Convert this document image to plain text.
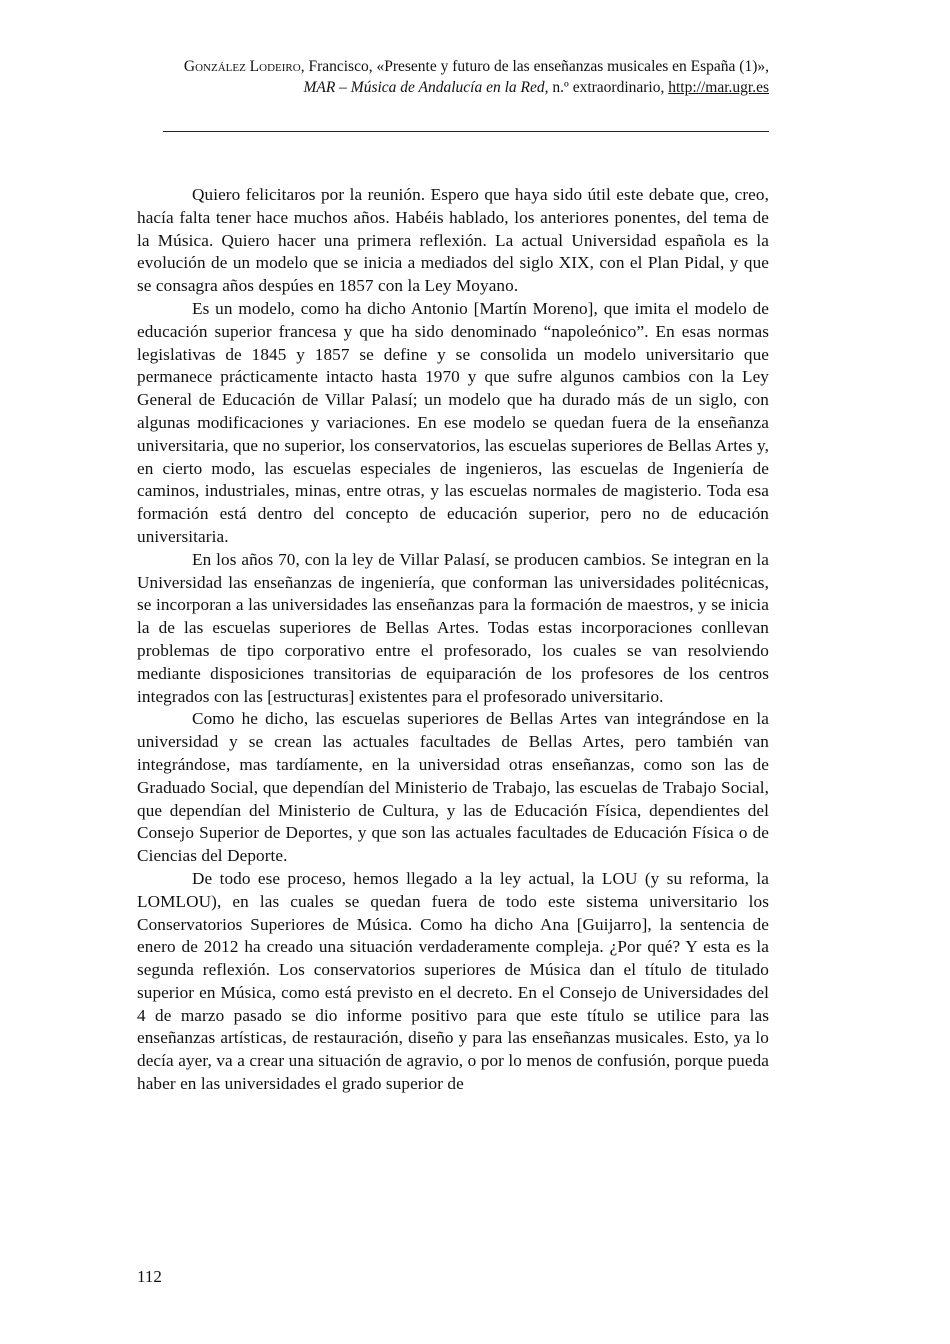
González Lodeiro, Francisco, «Presente y futuro de las enseñanzas musicales en España (1)»,
MAR – Música de Andalucía en la Red, n.º extraordinario, http://mar.ugr.es

Quiero felicitaros por la reunión. Espero que haya sido útil este debate que, creo, hacía falta tener hace muchos años. Habéis hablado, los anteriores ponentes, del tema de la Música. Quiero hacer una primera reflexión. La actual Universidad española es la evolución de un modelo que se inicia a mediados del siglo XIX, con el Plan Pidal, y que se consagra años despúes en 1857 con la Ley Moyano.

Es un modelo, como ha dicho Antonio [Martín Moreno], que imita el modelo de educación superior francesa y que ha sido denominado “napoleónico”. En esas normas legislativas de 1845 y 1857 se define y se consolida un modelo universitario que permanece prácticamente intacto hasta 1970 y que sufre algunos cambios con la Ley General de Educación de Villar Palasí; un modelo que ha durado más de un siglo, con algunas modificaciones y variaciones. En ese modelo se quedan fuera de la enseñanza universitaria, que no superior, los conservatorios, las escuelas superiores de Bellas Artes y, en cierto modo, las escuelas especiales de ingenieros, las escuelas de Ingeniería de caminos, industriales, minas, entre otras, y las escuelas normales de magisterio. Toda esa formación está dentro del concepto de educación superior, pero no de educación universitaria.

En los años 70, con la ley de Villar Palasí, se producen cambios. Se integran en la Universidad las enseñanzas de ingeniería, que conforman las universidades politécnicas, se incorporan a las universidades las enseñanzas para la formación de maestros, y se inicia la de las escuelas superiores de Bellas Artes. Todas estas incorporaciones conllevan problemas de tipo corporativo entre el profesorado, los cuales se van resolviendo mediante disposiciones transitorias de equiparación de los profesores de los centros integrados con las [estructuras] existentes para el profesorado universitario.

Como he dicho, las escuelas superiores de Bellas Artes van integrándose en la universidad y se crean las actuales facultades de Bellas Artes, pero también van integrándose, mas tardíamente, en la universidad otras enseñanzas, como son las de Graduado Social, que dependían del Ministerio de Trabajo, las escuelas de Trabajo Social, que dependían del Ministerio de Cultura, y las de Educación Física, dependientes del Consejo Superior de Deportes, y que son las actuales facultades de Educación Física o de Ciencias del Deporte.

De todo ese proceso, hemos llegado a la ley actual, la LOU (y su reforma, la LOMLOU), en las cuales se quedan fuera de todo este sistema universitario los Conservatorios Superiores de Música. Como ha dicho Ana [Guijarro], la sentencia de enero de 2012 ha creado una situación verdaderamente compleja. ¿Por qué? Y esta es la segunda reflexión. Los conservatorios superiores de Música dan el título de titulado superior en Música, como está previsto en el decreto. En el Consejo de Universidades del 4 de marzo pasado se dio informe positivo para que este título se utilice para las enseñanzas artísticas, de restauración, diseño y para las enseñanzas musicales. Esto, ya lo decía ayer, va a crear una situación de agravio, o por lo menos de confusión, porque pueda haber en las universidades el grado superior de

112
